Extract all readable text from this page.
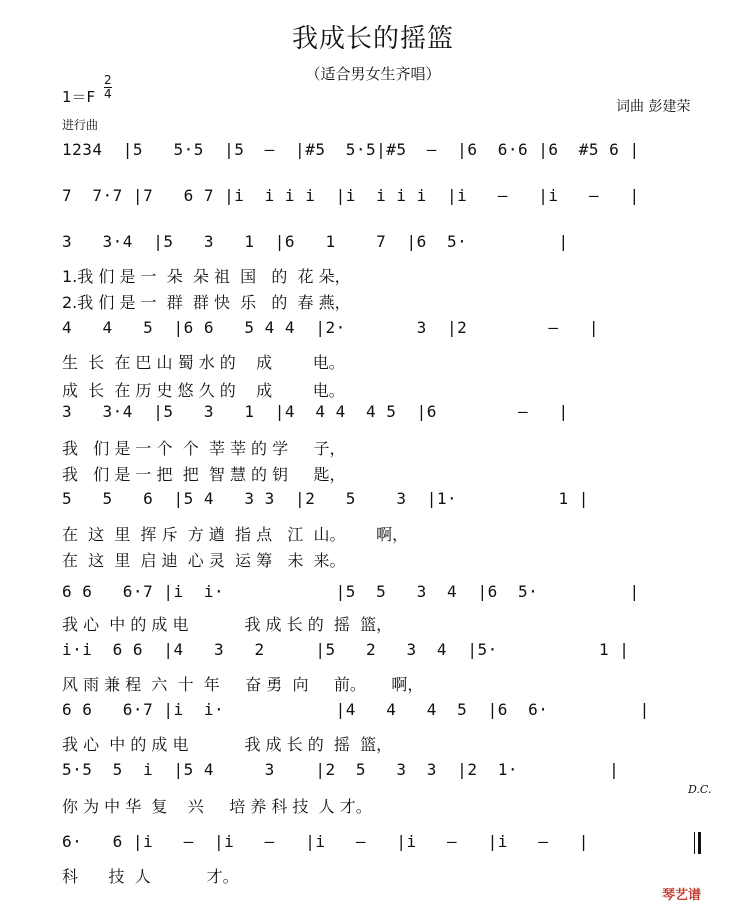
我成长的摇篮
（适合男女生齐唱）
1＝F
2
4
进行曲
词曲 彭建荣
1234  |5   5·5  |5  –  |#5  5·5|#5  –  |6  6·6 |6  #5 6 |
7  7·7 |7   6 7 |i  i i i  |i  i i i  |i   –   |i   –   |
3   3·4  |5   3   1  |6   1    7  |6  5·         |
4   4   5  |6 6   5 4 4  |2·       3  |2        –   |
3   3·4  |5   3   1  |4  4 4  4 5  |6        –   |
5   5   6  |5 4   3 3  |2   5    3  |1·          1 |
6 6   6·7 |i  i·           |5  5   3  4  |6  5·         |
i·i  6 6  |4   3   2     |5   2   3  4  |5·          1 |
6 6   6·7 |i  i·           |4   4   4  5  |6  6·         |
5·5  5  i  |5 4     3    |2  5   3  3  |2  1·         |
6·   6 |i   –  |i   –   |i   –   |i   –   |i   –   |
1.我 们 是 一  朵  朵 祖  国   的  花 朵，
2.我 们 是 一  群  群 快  乐   的  春 燕，
生  长  在 巴 山 蜀 水 的    成        电。
成  长  在 历 史 悠 久 的    成        电。
我   们 是 一 个  个  莘 莘 的 学     子，
我   们 是 一 把  把  智 慧 的 钥     匙，
在  这  里  挥 斥  方 遒  指 点   江  山。      啊，
在  这  里  启 迪  心 灵  运 筹   未  来。
我 心  中 的 成 电           我 成 长 的  摇  篮，
风 雨 兼 程  六  十  年     奋 勇  向     前。     啊，
我 心  中 的 成 电           我 成 长 的  摇  篮，
你 为 中 华  复    兴     培 养 科 技  人 才。
科      技  人           才。
D.C.
琴艺谱
